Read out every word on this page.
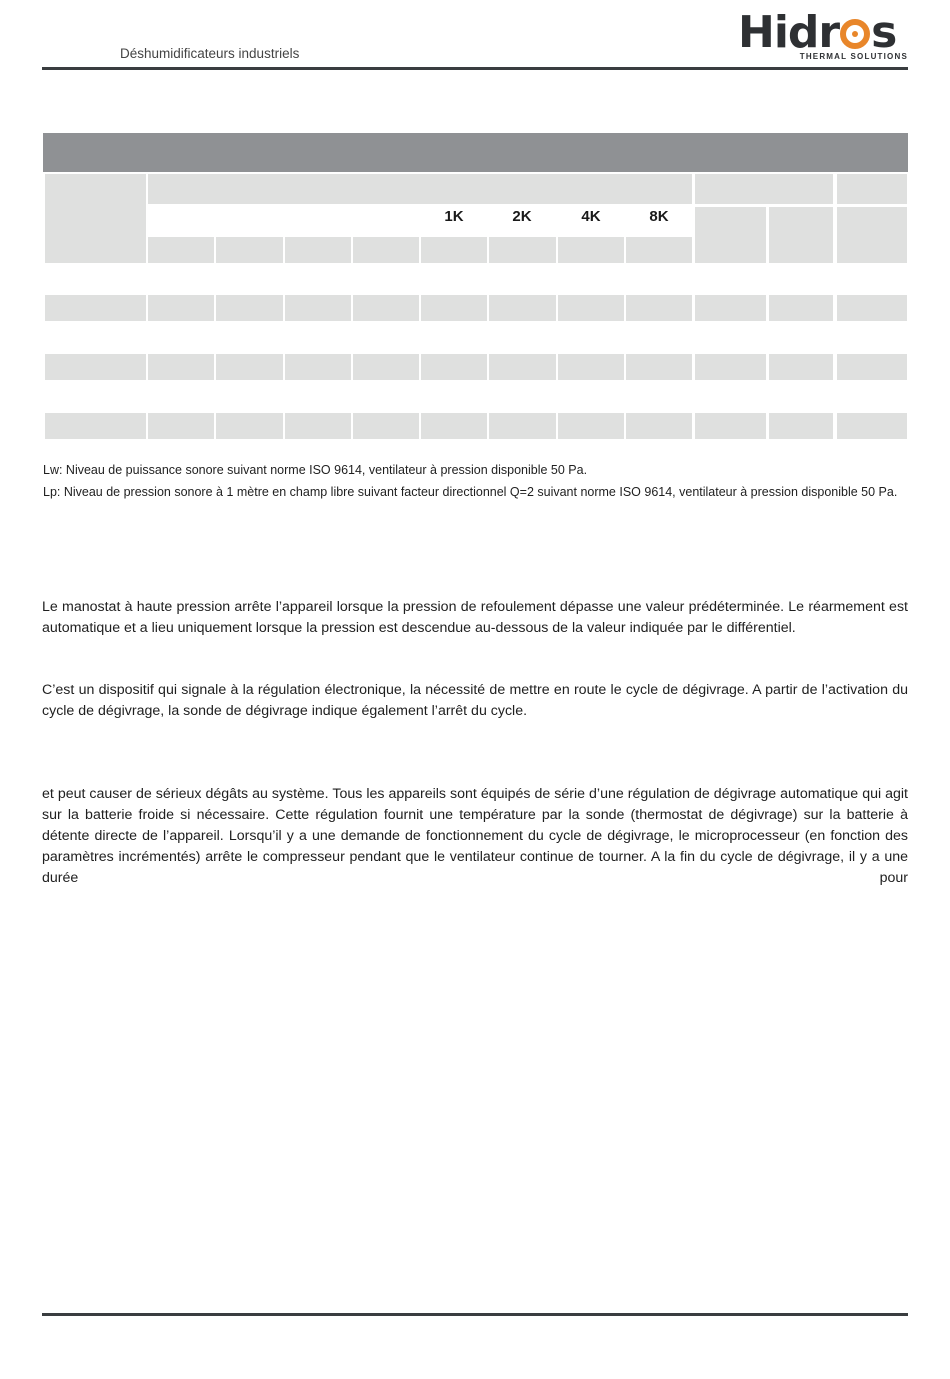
Déshumidificateurs industriels	Hidr s
THERMAL SOLUTIONS
1K	2K	4K	8K
Lw: Niveau de puissance sonore suivant norme ISO 9614, ventilateur à pression disponible 50 Pa.
Lp: Niveau de pression sonore à 1 mètre en champ libre suivant facteur directionnel Q=2 suivant norme ISO 9614, ventilateur à pression disponible 50 Pa.

Le manostat à haute pression arrête l’appareil lorsque la pression de refoulement dépasse une valeur prédéterminée. Le réarmement est automatique et a lieu uniquement lorsque la pression est descendue au-dessous de la valeur indiquée par le différentiel.

C’est un dispositif qui signale à la régulation électronique, la nécessité de mettre en route le cycle de dégivrage. A partir de l’activation du cycle de dégivrage, la sonde de dégivrage indique également l’arrêt du cycle.

et peut causer de sérieux dégâts au système. Tous les appareils sont équipés de série d’une régulation de dégivrage automatique qui agit sur la batterie froide si nécessaire. Cette régulation fournit une température par la sonde (thermostat de dégivrage) sur la batterie à détente directe de l’appareil. Lorsqu’il y a une demande de fonctionnement du cycle de dégivrage, le microprocesseur (en fonction des paramètres incrémentés) arrête le compresseur pendant que le ventilateur continue de tourner. A la fin du cycle de dégivrage, il y a une durée pour
